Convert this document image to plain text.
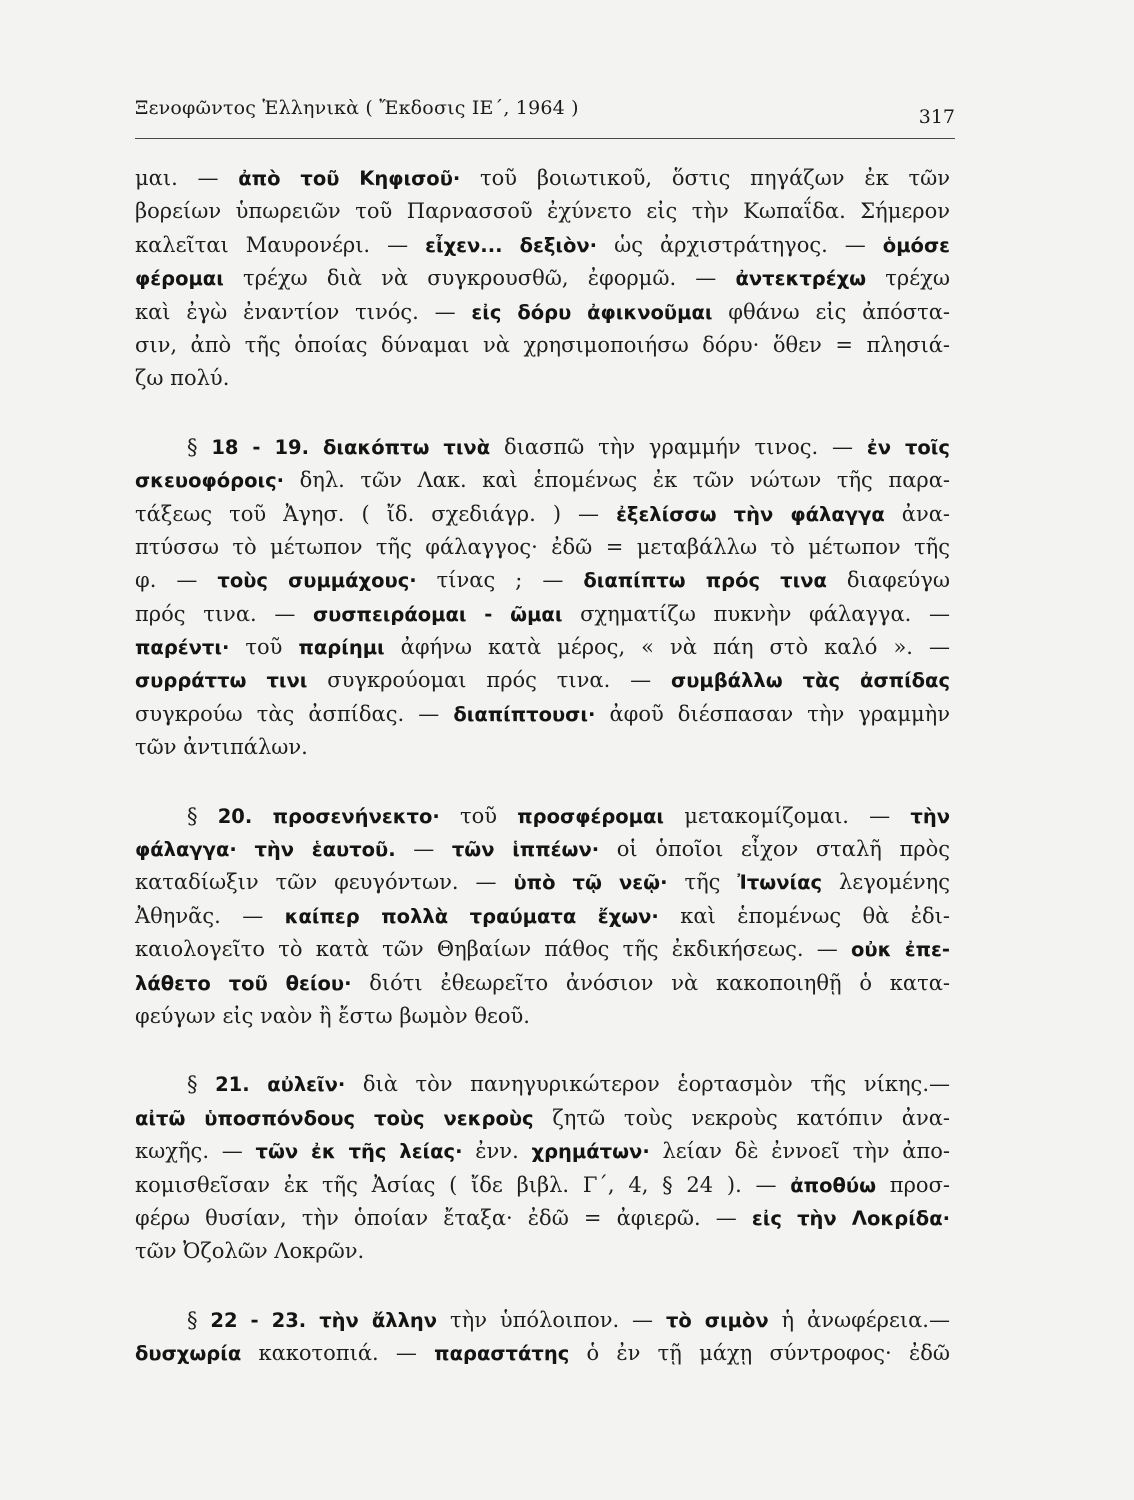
Ξενοφῶντος Ἑλληνικὰ ( Ἔκδοσις ΙΕ΄, 1964 )	317
μαι. — ἀπὸ τοῦ Κηφισοῦ· τοῦ βοιωτικοῦ, ὅστις πηγάζων ἐκ τῶν
βορείων ὑπωρειῶν τοῦ Παρνασσοῦ ἐχύνετο εἰς τὴν Κωπαΐδα. Σήμερον
καλεῖται Μαυρονέρι. — εἶχεν... δεξιὸν· ὡς ἀρχιστράτηγος. — ὁμόσε
φέρομαι τρέχω διὰ νὰ συγκρουσθῶ, ἐφορμῶ. — ἀντεκτρέχω τρέχω
καὶ ἐγὼ ἐναντίον τινός. — εἰς δόρυ ἀφικνοῦμαι φθάνω εἰς ἀπόστα-
σιν, ἀπὸ τῆς ὁποίας δύναμαι νὰ χρησιμοποιήσω δόρυ· ὅθεν = πλησιά-
ζω πολύ.
§ 18 - 19. διακόπτω τινὰ διασπῶ τὴν γραμμήν τινος. — ἐν τοῖς
σκευοφόροις· δηλ. τῶν Λακ. καὶ ἑπομένως ἐκ τῶν νώτων τῆς παρα-
τάξεως τοῦ Ἀγησ. ( ἴδ. σχεδιάγρ. ) — ἐξελίσσω τὴν φάλαγγα ἀνα-
πτύσσω τὸ μέτωπον τῆς φάλαγγος· ἐδῶ = μεταβάλλω τὸ μέτωπον τῆς
φ. — τοὺς συμμάχους· τίνας ; — διαπίπτω πρός τινα διαφεύγω
πρός τινα. — συσπειράομαι - ῶμαι σχηματίζω πυκνὴν φάλαγγα. —
παρέντι· τοῦ παρίημι ἀφήνω κατὰ μέρος, « νὰ πάη στὸ καλό ». —
συρράττω τινι συγκρούομαι πρός τινα. — συμβάλλω τὰς ἀσπίδας
συγκρούω τὰς ἀσπίδας. — διαπίπτουσι· ἀφοῦ διέσπασαν τὴν γραμμὴν
τῶν ἀντιπάλων.
§ 20. προσενήνεκτο· τοῦ προσφέρομαι μετακομίζομαι. — τὴν
φάλαγγα· τὴν ἑαυτοῦ. — τῶν ἱππέων· οἱ ὁποῖοι εἶχον σταλῆ πρὸς
καταδίωξιν τῶν φευγόντων. — ὑπὸ τῷ νεῷ· τῆς Ἰτωνίας λεγομένης
Ἀθηνᾶς. — καίπερ πολλὰ τραύματα ἔχων· καὶ ἑπομένως θὰ ἐδι-
καιολογεῖτο τὸ κατὰ τῶν Θηβαίων πάθος τῆς ἐκδικήσεως. — οὐκ ἐπε-
λάθετο τοῦ θείου· διότι ἐθεωρεῖτο ἀνόσιον νὰ κακοποιηθῇ ὁ κατα-
φεύγων εἰς ναὸν ἢ ἔστω βωμὸν θεοῦ.
§ 21. αὐλεῖν· διὰ τὸν πανηγυρικώτερον ἑορτασμὸν τῆς νίκης.—
αἰτῶ ὑποσπόνδους τοὺς νεκροὺς ζητῶ τοὺς νεκροὺς κατόπιν ἀνα-
κωχῆς. — τῶν ἐκ τῆς λείας· ἐνν. χρημάτων· λείαν δὲ ἐννοεῖ τὴν ἀπο-
κομισθεῖσαν ἐκ τῆς Ἀσίας ( ἴδε βιβλ. Γ΄, 4, § 24 ). — ἀποθύω προσ-
φέρω θυσίαν, τὴν ὁποίαν ἔταξα· ἐδῶ = ἀφιερῶ. — εἰς τὴν Λοκρίδα·
τῶν Ὀζολῶν Λοκρῶν.
§ 22 - 23. τὴν ἄλλην τὴν ὑπόλοιπον. — τὸ σιμὸν ἡ ἀνωφέρεια.—
δυσχωρία κακοτοπιά. — παραστάτης ὁ ἐν τῇ μάχῃ σύντροφος· ἐδῶ
